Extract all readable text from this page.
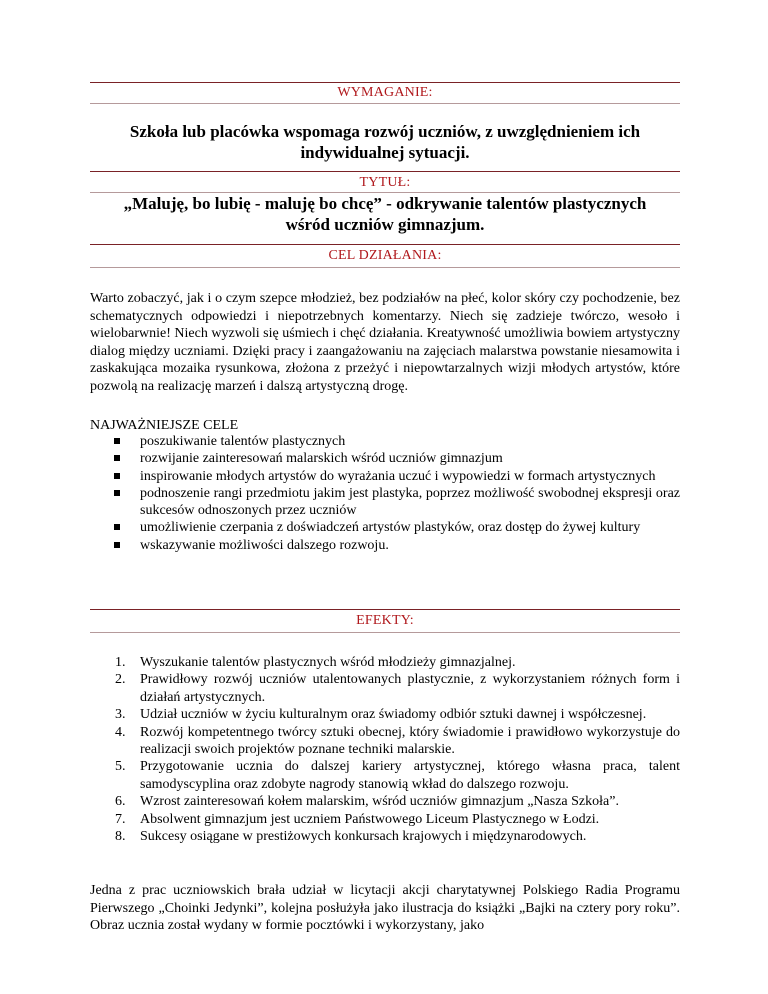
WYMAGANIE:
Szkoła lub placówka wspomaga rozwój uczniów, z uwzględnieniem ich indywidualnej sytuacji.
TYTUŁ:
„Maluję, bo lubię - maluję bo chcę” - odkrywanie talentów plastycznych wśród uczniów gimnazjum.
CEL DZIAŁANIA:
Warto zobaczyć, jak i o czym szepce młodzież, bez podziałów na płeć, kolor skóry czy pochodzenie, bez schematycznych odpowiedzi i niepotrzebnych komentarzy. Niech się zadzieje twórczo, wesoło i wielobarwnie! Niech wyzwoli się uśmiech i chęć działania. Kreatywność umożliwia bowiem artystyczny dialog między uczniami. Dzięki pracy i zaangażowaniu na zajęciach malarstwa powstanie niesamowita i zaskakująca mozaika rysunkowa, złożona z przeżyć i niepowtarzalnych wizji młodych artystów, które pozwolą na realizację marzeń i dalszą artystyczną drogę.
NAJWAŻNIEJSZE CELE
poszukiwanie talentów plastycznych
rozwijanie zainteresowań malarskich wśród uczniów gimnazjum
inspirowanie młodych artystów do wyrażania uczuć i wypowiedzi w formach artystycznych
podnoszenie rangi przedmiotu jakim jest plastyka, poprzez możliwość swobodnej ekspresji oraz sukcesów odnoszonych przez uczniów
umożliwienie czerpania z doświadczeń artystów plastyków, oraz dostęp do żywej kultury
wskazywanie możliwości dalszego rozwoju.
EFEKTY:
1. Wyszukanie talentów plastycznych wśród młodzieży gimnazjalnej.
2. Prawidłowy rozwój uczniów utalentowanych plastycznie, z wykorzystaniem różnych form i działań artystycznych.
3. Udział uczniów w życiu kulturalnym oraz świadomy odbiór sztuki dawnej i współczesnej.
4. Rozwój kompetentnego twórcy sztuki obecnej, który świadomie i prawidłowo wykorzystuje do realizacji swoich projektów poznane techniki malarskie.
5. Przygotowanie ucznia do dalszej kariery artystycznej, którego własna praca, talent samodyscyplina oraz zdobyte nagrody stanowią wkład do dalszego rozwoju.
6. Wzrost zainteresowań kołem malarskim, wśród uczniów gimnazjum „Nasza Szkoła”.
7. Absolwent gimnazjum jest uczniem Państwowego Liceum Plastycznego w Łodzi.
8. Sukcesy osiągane w prestiżowych konkursach krajowych i międzynarodowych.
Jedna z prac uczniowskich brała udział w licytacji akcji charytatywnej Polskiego Radia Programu Pierwszego „Choinki Jedynki”, kolejna posłużyła jako ilustracja do książki „Bajki na cztery pory roku”. Obraz ucznia został wydany w formie pocztówki i wykorzystany, jako
